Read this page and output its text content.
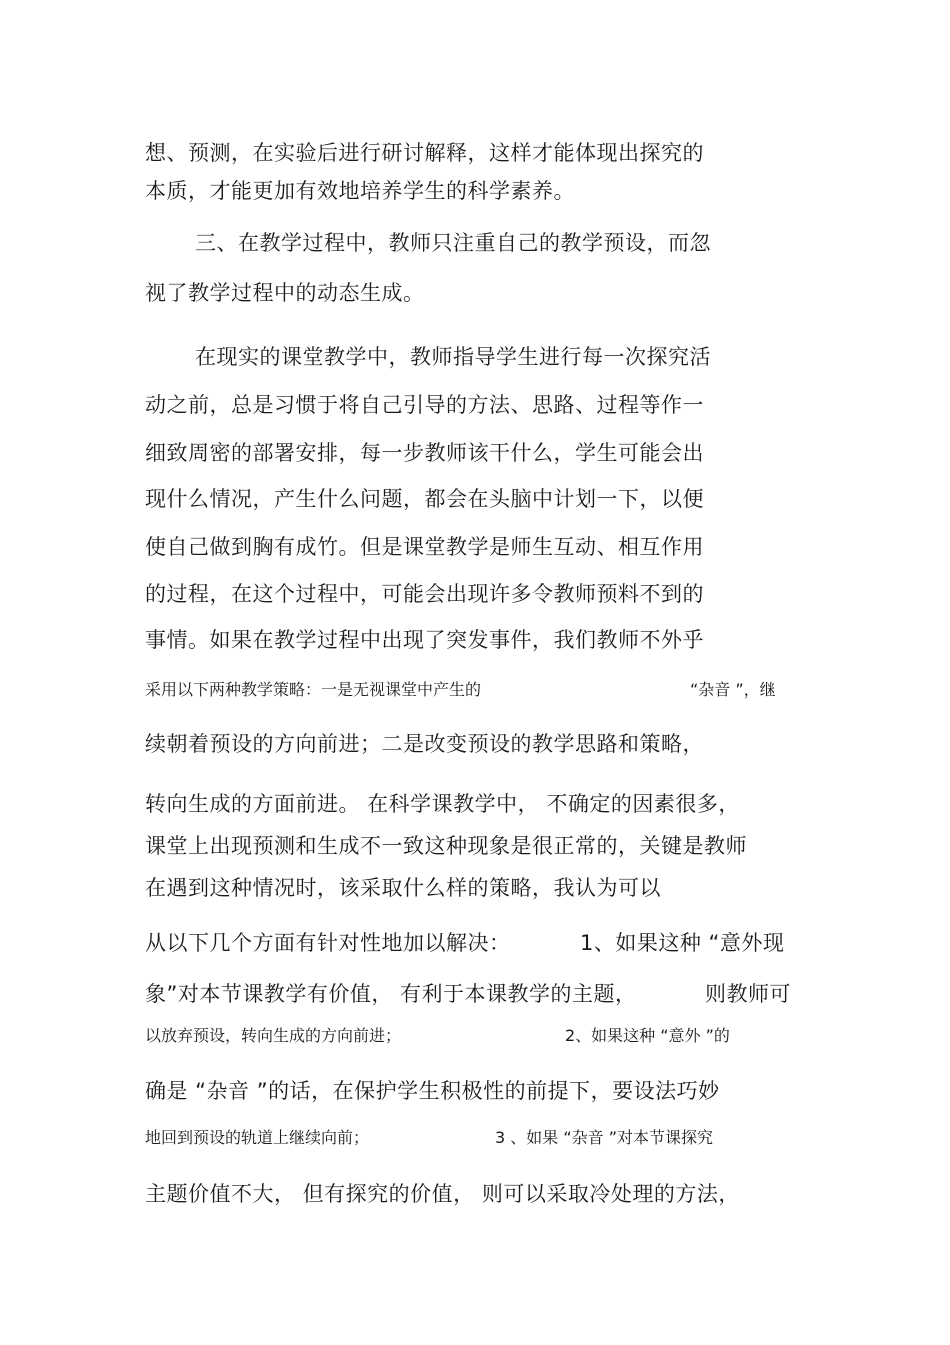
想、预测，在实验后进行研讨解释，这样才能体现出探究的
本质，才能更加有效地培养学生的科学素养。
三、在教学过程中，教师只注重自己的教学预设，而忽
视了教学过程中的动态生成。
在现实的课堂教学中，教师指导学生进行每一次探究活
动之前，总是习惯于将自己引导的方法、思路、过程等作一
细致周密的部署安排，每一步教师该干什么，学生可能会出
现什么情况，产生什么问题，都会在头脑中计划一下，以便
使自己做到胸有成竹。但是课堂教学是师生互动、相互作用
的过程，在这个过程中，可能会出现许多令教师预料不到的
事情。如果在教学过程中出现了突发事件，我们教师不外乎

采用以下两种教学策略：一是无视课堂中产生的

	“杂音 ”，继

续朝着预设的方向前进；二是改变预设的教学思路和策略，
转向生成的方面前进。 在科学课教学中， 不确定的因素很多，
课堂上出现预测和生成不一致这种现象是很正常的，关键是教师
在遇到这种情况时，该采取什么样的策略，我认为可以

从以下几个方面有针对性地加以解决：

	1、如果这种 “意外现

象”对本节课教学有价值， 有利于本课教学的主题，

	则教师可

以放弃预设，转向生成的方向前进；

	2、如果这种 “意外 ”的

确是 “杂音 ”的话，在保护学生积极性的前提下，要设法巧妙

地回到预设的轨道上继续向前；

	3 、如果 “杂音 ”对本节课探究

主题价值不大， 但有探究的价值， 则可以采取冷处理的方法，
